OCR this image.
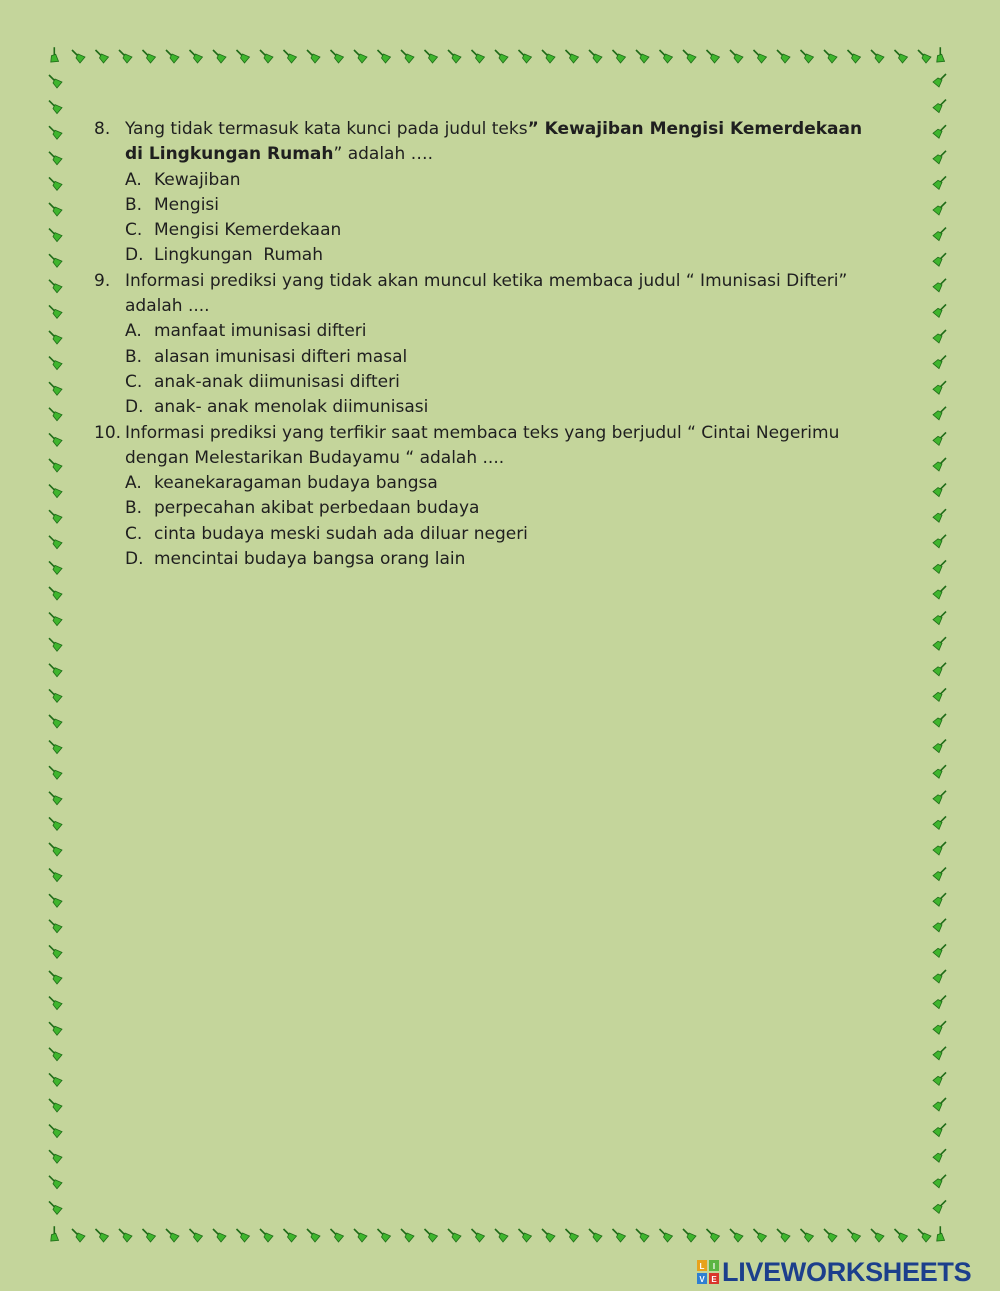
8. Yang tidak termasuk kata kunci pada judul teks” Kewajiban Mengisi Kemerdekaan di Lingkungan Rumah” adalah ….
A. Kewajiban
B. Mengisi
C. Mengisi Kemerdekaan
D. Lingkungan  Rumah
9. Informasi prediksi yang tidak akan muncul ketika membaca judul “ Imunisasi Difteri” adalah ....
A. manfaat imunisasi difteri
B. alasan imunisasi difteri masal
C. anak-anak diimunisasi difteri
D. anak- anak menolak diimunisasi
10. Informasi prediksi yang terfikir saat membaca teks yang berjudul “ Cintai Negerimu dengan Melestarikan Budayamu “ adalah ....
A. keanekaragaman budaya bangsa
B. perpecahan akibat perbedaan budaya
C. cinta budaya meski sudah ada diluar negeri
D. mencintai budaya bangsa orang lain
L I
V E LIVEWORKSHEETS
